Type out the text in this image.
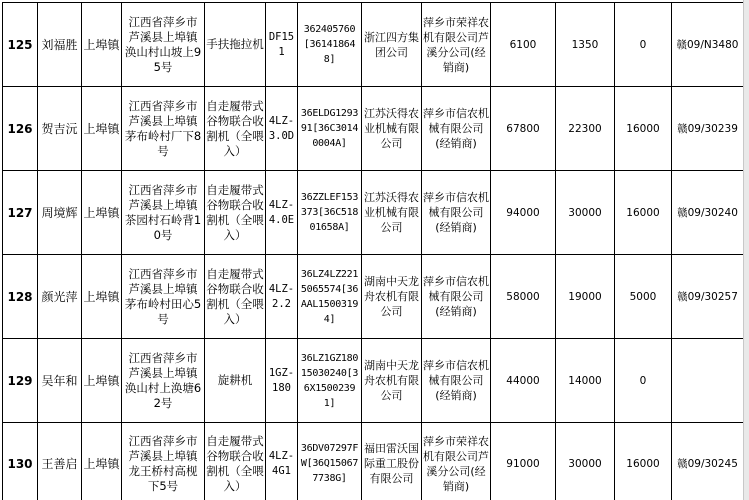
125	刘福胜	上埠镇	江西省萍乡市芦溪县上埠镇涣山村山坡上95号	手扶拖拉机	DF151	362405760[361418648]	浙江四方集团公司	萍乡市荣祥农机有限公司芦溪分公司(经销商)	6100	1350	0	赣09/N3480
126	贺吉沅	上埠镇	江西省萍乡市芦溪县上埠镇茅布岭村厂下8号	自走履带式谷物联合收割机（全喂入）	4LZ-3.0D	36ELDG129391[36C30140004A]	江苏沃得农业机械有限公司	萍乡市信农机械有限公司(经销商)	67800	22300	16000	赣09/30239
127	周境辉	上埠镇	江西省萍乡市芦溪县上埠镇茶园村石岭背10号	自走履带式谷物联合收割机（全喂入）	4LZ-4.0E	36ZZLEF153373[36C51801658A]	江苏沃得农业机械有限公司	萍乡市信农机械有限公司(经销商)	94000	30000	16000	赣09/30240
128	颜光萍	上埠镇	江西省萍乡市芦溪县上埠镇茅布岭村田心5号	自走履带式谷物联合收割机（全喂入）	4LZ-2.2	36LZ4LZ2215065574[36AAL15003194]	湖南中天龙舟农机有限公司	萍乡市信农机械有限公司(经销商)	58000	19000	5000	赣09/30257
129	吴年和	上埠镇	江西省萍乡市芦溪县上埠镇涣山村上涣塘62号	旋耕机	1GZ-180	36LZ1GZ18015030240[36X15002391]	湖南中天龙舟农机有限公司	萍乡市信农机械有限公司(经销商)	44000	14000	0	
130	王善启	上埠镇	江西省萍乡市芦溪县上埠镇龙王桥村高枧下5号	自走履带式谷物联合收割机（全喂入）	4LZ-4G1	36DV07297FW[36Q150677738G]	福田雷沃国际重工股份有限公司	萍乡市荣祥农机有限公司芦溪分公司(经销商)	91000	30000	16000	赣09/30245
